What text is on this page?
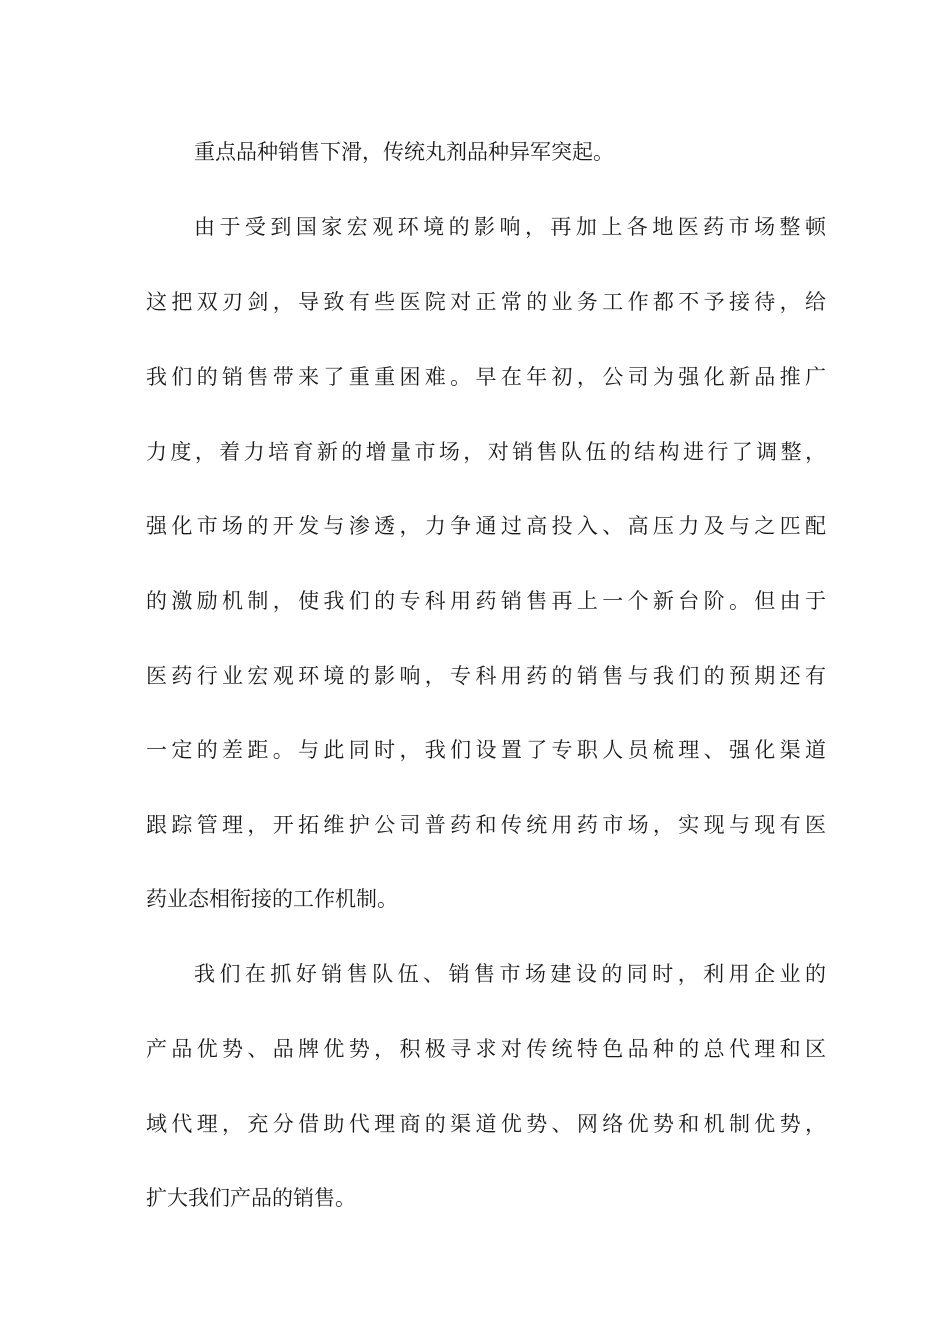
重点品种销售下滑，传统丸剂品种异军突起。
由于受到国家宏观环境的影响，再加上各地医药市场整顿
这把双刃剑，导致有些医院对正常的业务工作都不予接待，给
我们的销售带来了重重困难。早在年初，公司为强化新品推广
力度，着力培育新的增量市场，对销售队伍的结构进行了调整，
强化市场的开发与渗透，力争通过高投入、高压力及与之匹配
的激励机制，使我们的专科用药销售再上一个新台阶。但由于
医药行业宏观环境的影响，专科用药的销售与我们的预期还有
一定的差距。与此同时，我们设置了专职人员梳理、强化渠道
跟踪管理，开拓维护公司普药和传统用药市场，实现与现有医
药业态相衔接的工作机制。
我们在抓好销售队伍、销售市场建设的同时，利用企业的
产品优势、品牌优势，积极寻求对传统特色品种的总代理和区
域代理，充分借助代理商的渠道优势、网络优势和机制优势，
扩大我们产品的销售。
